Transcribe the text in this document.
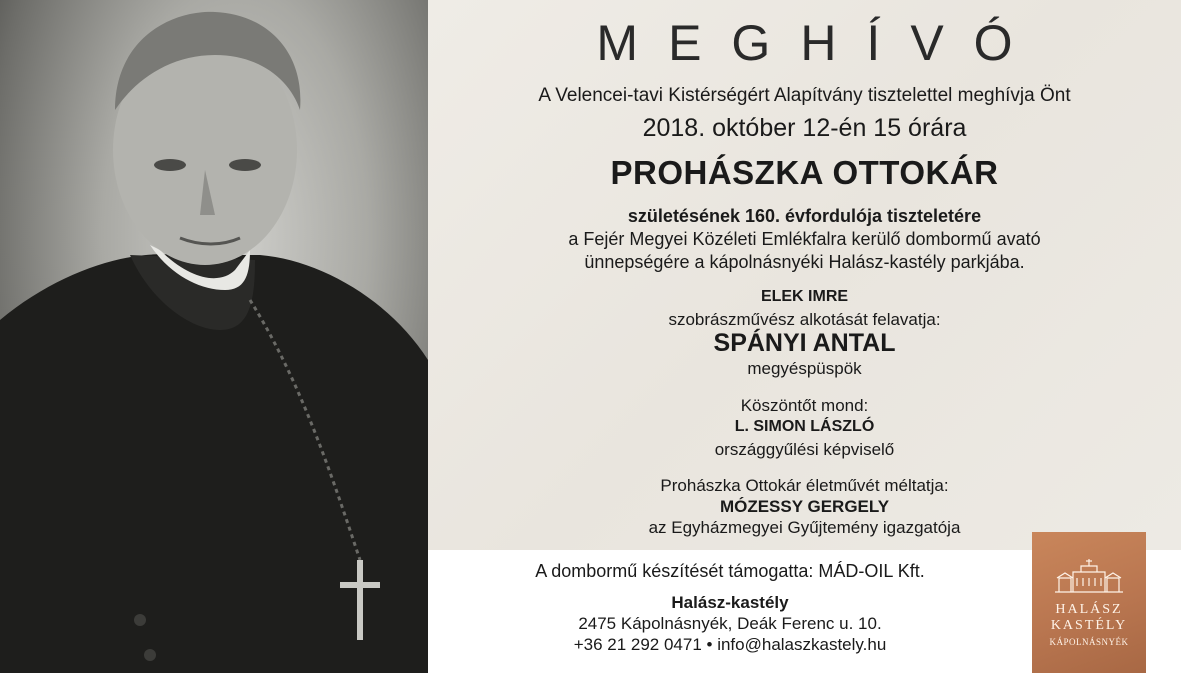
MEGHÍVÓ
A Velencei-tavi Kistérségért Alapítvány tisztelettel meghívja Önt
2018. október 12-én 15 órára
PROHÁSZKA OTTOKÁR
születésének 160. évfordulója tiszteletére
a Fejér Megyei Közéleti Emlékfalra kerülő dombormű avató
ünnepségére a kápolnásnyéki Halász-kastély parkjába.
ELEK IMRE
szobrászművész alkotását felavatja:
SPÁNYI ANTAL
megyéspüspök
Köszöntőt mond:
L. SIMON LÁSZLÓ
országgyűlési képviselő
Prohászka Ottokár életművét méltatja:
MÓZESSY GERGELY
az Egyházmegyei Gyűjtemény igazgatója
A dombormű készítését támogatta: MÁD-OIL Kft.
Halász-kastély
2475 Kápolnásnyék, Deák Ferenc u. 10.
+36 21 292 0471 • info@halaszkastely.hu
HALÁSZ
KASTÉLY
KÁPOLNÁSNYÉK
